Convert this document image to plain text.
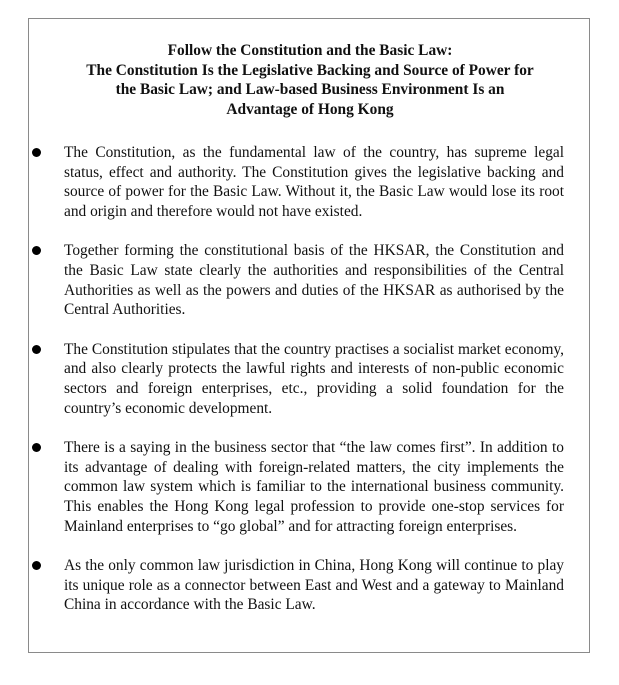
Follow the Constitution and the Basic Law:
The Constitution Is the Legislative Backing and Source of Power for
the Basic Law; and Law-based Business Environment Is an
Advantage of Hong Kong
The Constitution, as the fundamental law of the country, has supreme legal status, effect and authority. The Constitution gives the legislative backing and source of power for the Basic Law. Without it, the Basic Law would lose its root and origin and therefore would not have existed.
Together forming the constitutional basis of the HKSAR, the Constitution and the Basic Law state clearly the authorities and responsibilities of the Central Authorities as well as the powers and duties of the HKSAR as authorised by the Central Authorities.
The Constitution stipulates that the country practises a socialist market economy, and also clearly protects the lawful rights and interests of non-public economic sectors and foreign enterprises, etc., providing a solid foundation for the country’s economic development.
There is a saying in the business sector that “the law comes first”. In addition to its advantage of dealing with foreign-related matters, the city implements the common law system which is familiar to the international business community. This enables the Hong Kong legal profession to provide one-stop services for Mainland enterprises to “go global” and for attracting foreign enterprises.
As the only common law jurisdiction in China, Hong Kong will continue to play its unique role as a connector between East and West and a gateway to Mainland China in accordance with the Basic Law.
